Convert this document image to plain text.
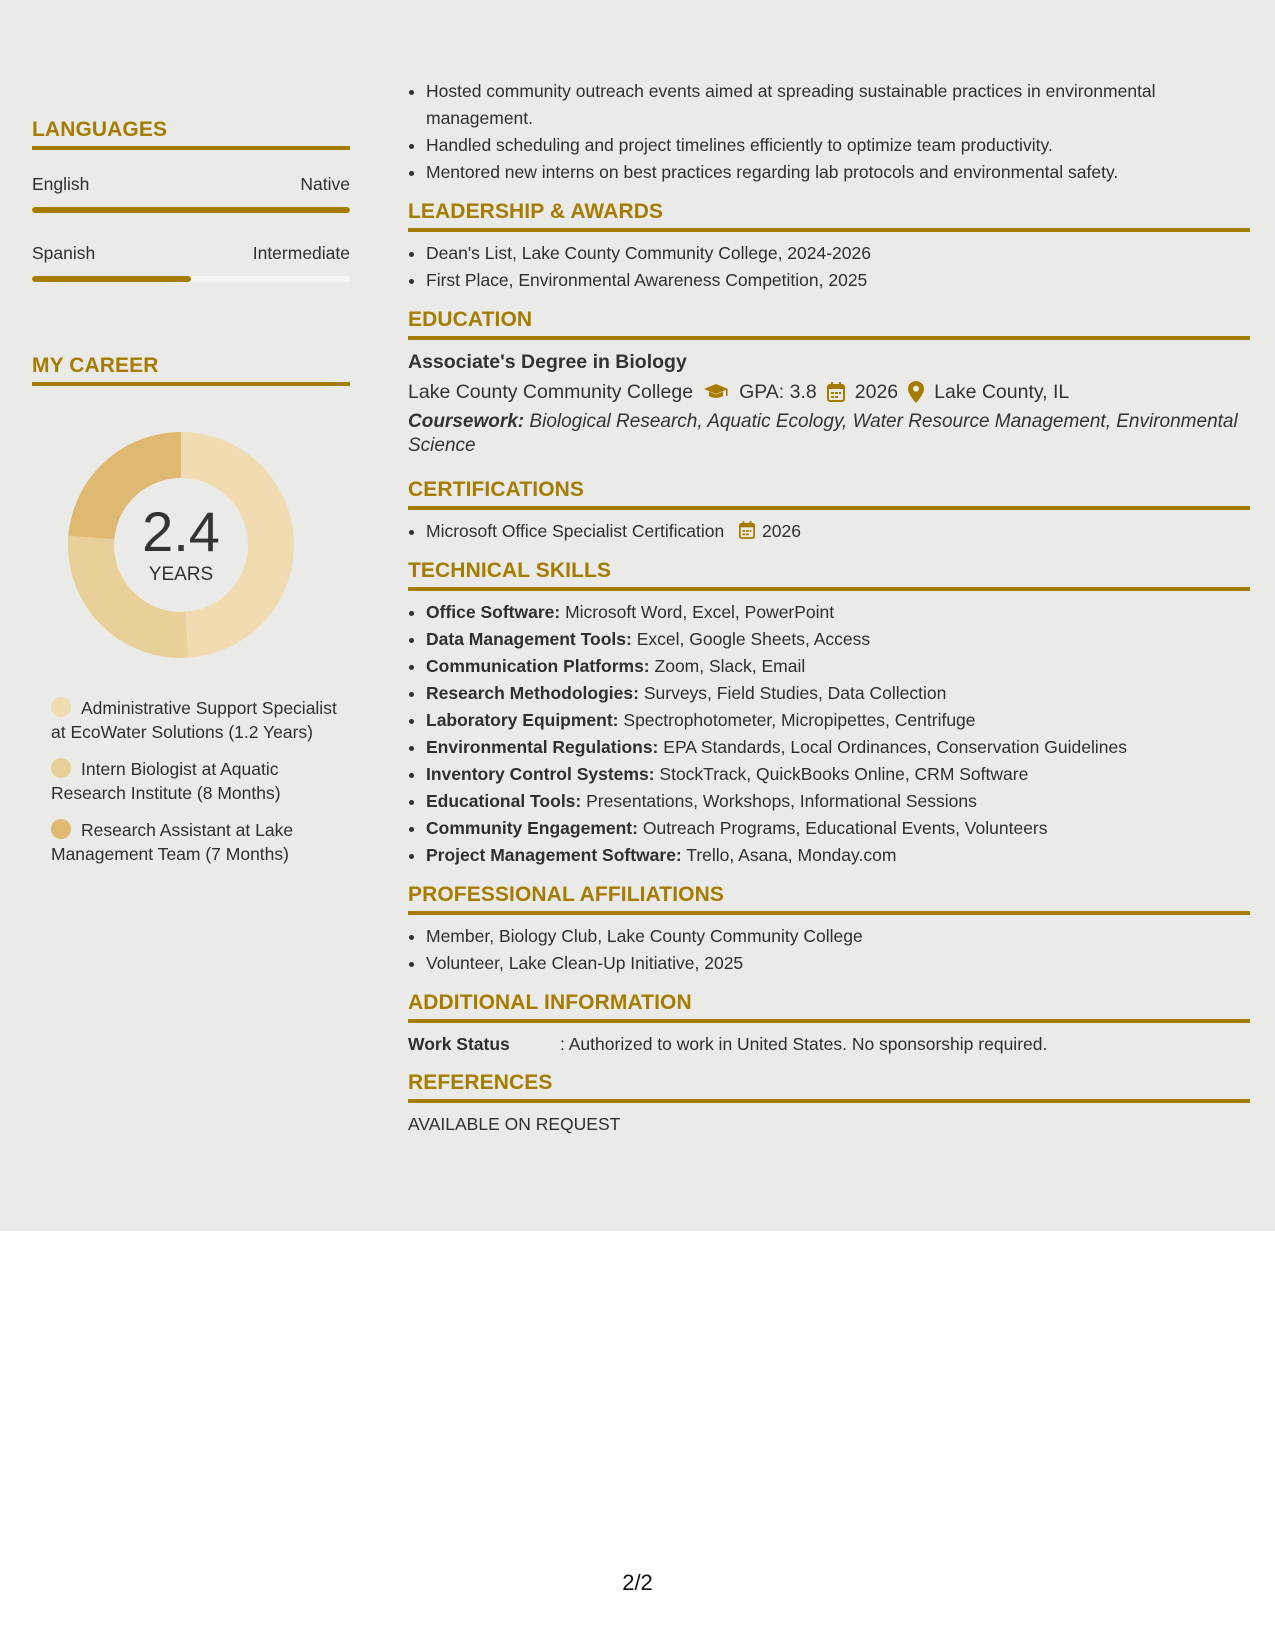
LANGUAGES
English	Native
Spanish	Intermediate
MY CAREER
2.4
YEARS
Administrative Support Specialist at EcoWater Solutions (1.2 Years)
Intern Biologist at Aquatic Research Institute (8 Months)
Research Assistant at Lake Management Team (7 Months)
• Hosted community outreach events aimed at spreading sustainable practices in environmental management.
• Handled scheduling and project timelines efficiently to optimize team productivity.
• Mentored new interns on best practices regarding lab protocols and environmental safety.
LEADERSHIP & AWARDS
• Dean's List, Lake County Community College, 2024-2026
• First Place, Environmental Awareness Competition, 2025
EDUCATION
Associate's Degree in Biology
Lake County Community College GPA: 3.8 2026 Lake County, IL
Coursework: Biological Research, Aquatic Ecology, Water Resource Management, Environmental Science
CERTIFICATIONS
• Microsoft Office Specialist Certification 2026
TECHNICAL SKILLS
• Office Software: Microsoft Word, Excel, PowerPoint
• Data Management Tools: Excel, Google Sheets, Access
• Communication Platforms: Zoom, Slack, Email
• Research Methodologies: Surveys, Field Studies, Data Collection
• Laboratory Equipment: Spectrophotometer, Micropipettes, Centrifuge
• Environmental Regulations: EPA Standards, Local Ordinances, Conservation Guidelines
• Inventory Control Systems: StockTrack, QuickBooks Online, CRM Software
• Educational Tools: Presentations, Workshops, Informational Sessions
• Community Engagement: Outreach Programs, Educational Events, Volunteers
• Project Management Software: Trello, Asana, Monday.com
PROFESSIONAL AFFILIATIONS
• Member, Biology Club, Lake County Community College
• Volunteer, Lake Clean-Up Initiative, 2025
ADDITIONAL INFORMATION
Work Status	: Authorized to work in United States. No sponsorship required.
REFERENCES
AVAILABLE ON REQUEST
2/2
